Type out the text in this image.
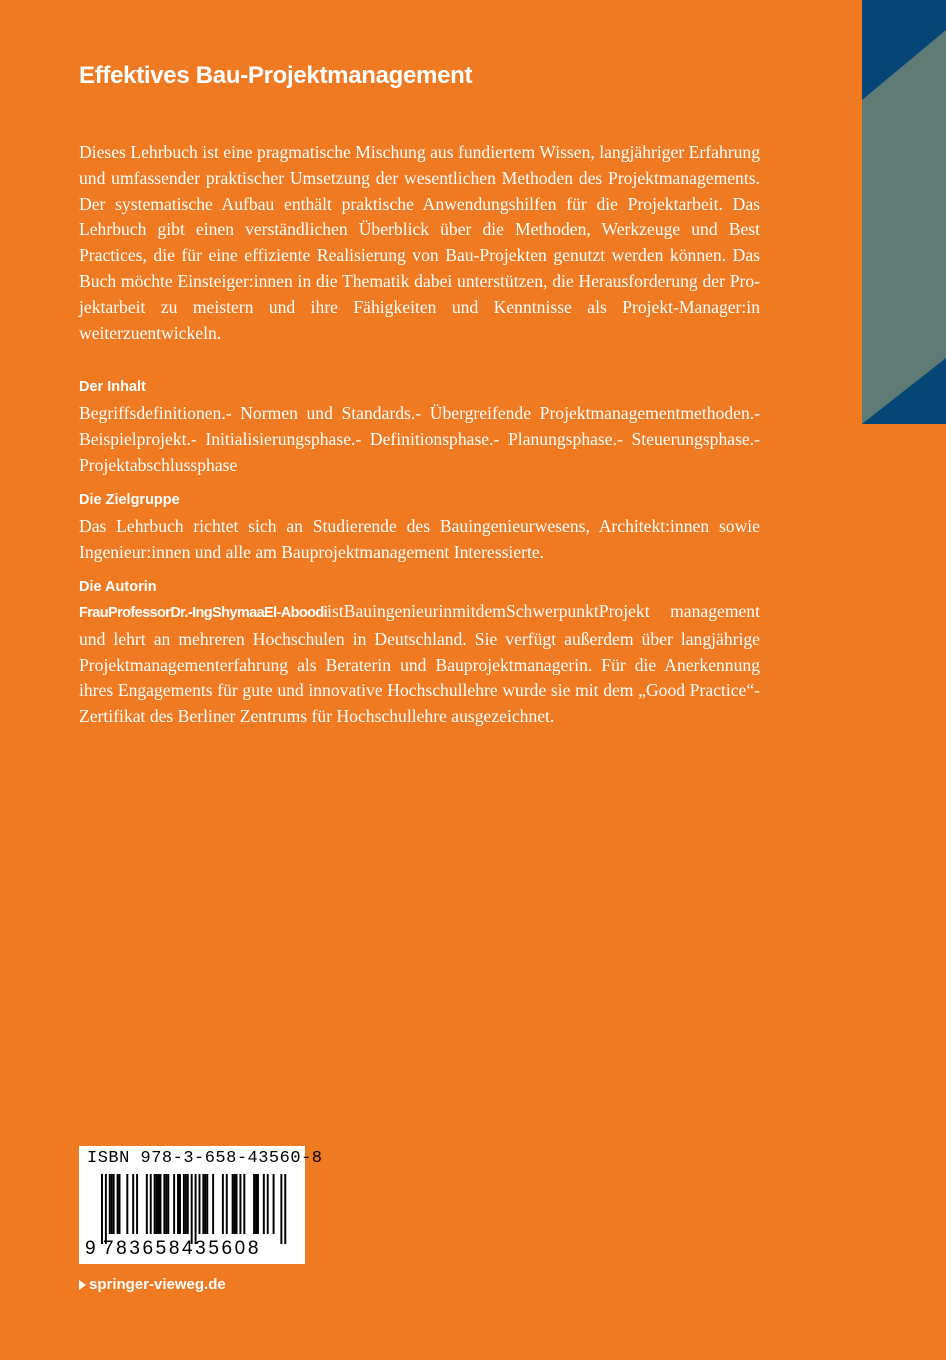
Effektives Bau-Projektmanagement

Dieses Lehrbuch ist eine pragmatische Mischung aus fundiertem Wissen, langjähriger Erfahrung und umfassender praktischer Umsetzung der wesentlichen Methoden des Projektmanagements. Der systematische Aufbau enthält praktische Anwendungshilfen für die Projektarbeit. Das Lehrbuch gibt einen verständlichen Überblick über die Methoden, Werkzeuge und Best Practices, die für eine effiziente Realisierung von Bau-Projekten genutzt werden können. Das Buch möchte Einsteiger:innen in die Thematik dabei unterstützen, die Herausforderung der Projektarbeit zu meistern und ihre Fähigkeiten und Kenntnisse als Projekt-Manager:in weiterzuentwickeln.

Der Inhalt

Begriffsdefinitionen.- Normen und Standards.- Übergreifende Projektmanagementmethoden.- Beispielprojekt.- Initialisierungsphase.- Definitionsphase.- Planungsphase.- Steuerungsphase.- Projektabschlussphase

Die Zielgruppe

Das Lehrbuch richtet sich an Studierende des Bauingenieurwesens, Architekt:innen sowie Ingenieur:innen und alle am Bauprojektmanagement Interessierte.

Die Autorin

FrauProfessorDr.-IngShymaaEl-AboodiistBauingenieurinmitdemSchwerpunktProjekt management und lehrt an mehreren Hochschulen in Deutschland. Sie verfügt außerdem über langjährige Projektmanagementerfahrung als Beraterin und Bauprojektmanagerin. Für die Anerkennung ihres Engagements für gute und innovative Hochschullehre wurde sie mit dem „Good Practice“-Zertifikat des Berliner Zentrums für Hochschullehre ausgezeichnet.

ISBN 978-3-658-43560-8
9 783658435608
springer-vieweg.de
